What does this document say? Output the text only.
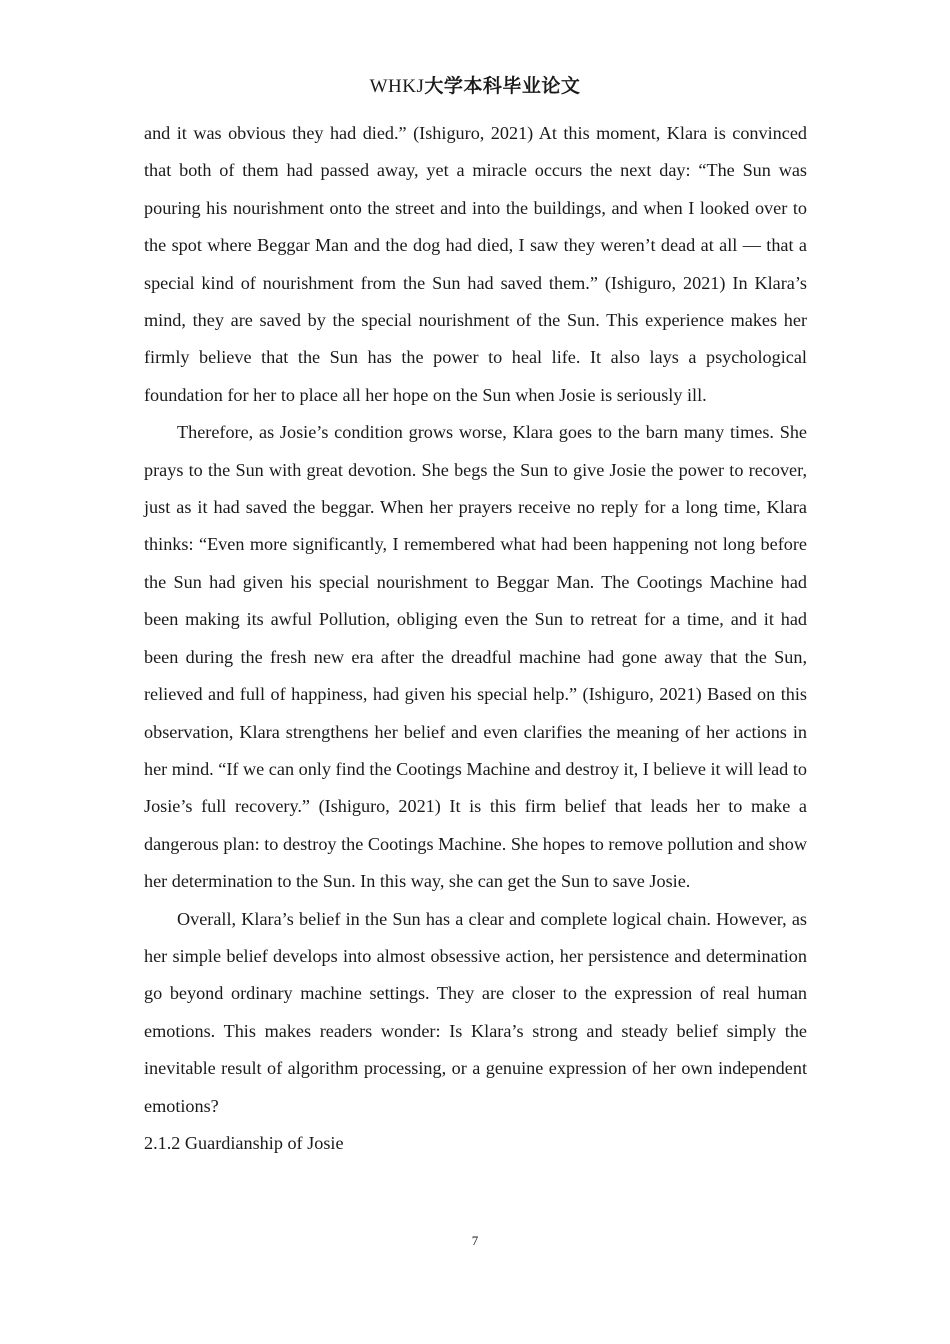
WHKJ大学本科毕业论文

and it was obvious they had died.” (Ishiguro, 2021) At this moment, Klara is convinced that both of them had passed away, yet a miracle occurs the next day: “The Sun was pouring his nourishment onto the street and into the buildings, and when I looked over to the spot where Beggar Man and the dog had died, I saw they weren’t dead at all — that a special kind of nourishment from the Sun had saved them.” (Ishiguro, 2021) In Klara’s mind, they are saved by the special nourishment of the Sun. This experience makes her firmly believe that the Sun has the power to heal life. It also lays a psychological foundation for her to place all her hope on the Sun when Josie is seriously ill.

Therefore, as Josie’s condition grows worse, Klara goes to the barn many times. She prays to the Sun with great devotion. She begs the Sun to give Josie the power to recover, just as it had saved the beggar. When her prayers receive no reply for a long time, Klara thinks: “Even more significantly, I remembered what had been happening not long before the Sun had given his special nourishment to Beggar Man. The Cootings Machine had been making its awful Pollution, obliging even the Sun to retreat for a time, and it had been during the fresh new era after the dreadful machine had gone away that the Sun, relieved and full of happiness, had given his special help.” (Ishiguro, 2021) Based on this observation, Klara strengthens her belief and even clarifies the meaning of her actions in her mind. “If we can only find the Cootings Machine and destroy it, I believe it will lead to Josie’s full recovery.” (Ishiguro, 2021) It is this firm belief that leads her to make a dangerous plan: to destroy the Cootings Machine. She hopes to remove pollution and show her determination to the Sun. In this way, she can get the Sun to save Josie.

Overall, Klara’s belief in the Sun has a clear and complete logical chain. However, as her simple belief develops into almost obsessive action, her persistence and determination go beyond ordinary machine settings. They are closer to the expression of real human emotions. This makes readers wonder: Is Klara’s strong and steady belief simply the inevitable result of algorithm processing, or a genuine expression of her own independent emotions?

2.1.2 Guardianship of Josie
7
